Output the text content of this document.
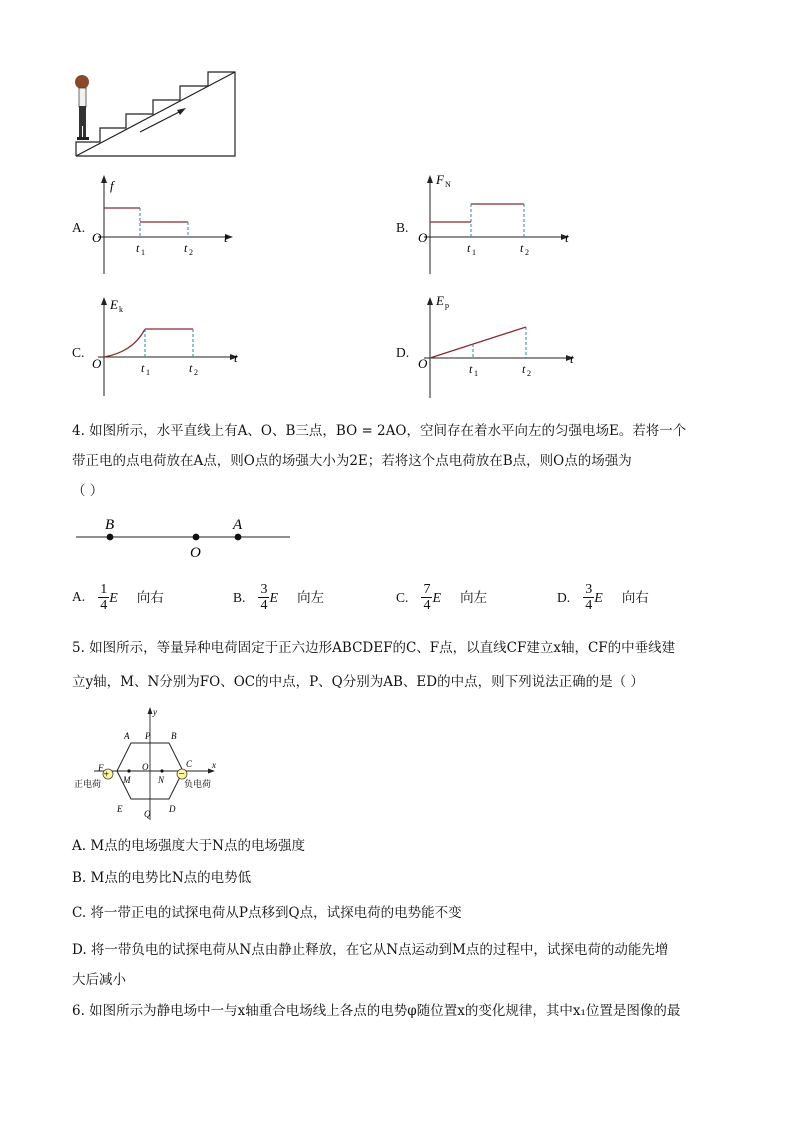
A.
f
O	t
t 1	t 2
B.
F N
O	t
t 1	t 2
C.
E k
O	t
t 1	t 2
D.
E p
O	t
t 1	t 2
4. 如图所示，水平直线上有A、O、B三点，BO = 2AO，空间存在着水平向左的匀强电场E。若将一个
带正电的点电荷放在A点，则O点的场强大小为2E；若将这个点电荷放在B点，则O点的场强为
（ ）
B
O
A
A. $\frac{1}{4}$ E 向右	B. $\frac{3}{4}$ E 向左	C. $\frac{7}{4}$ E 向左	D. $\frac{3}{4}$ E 向右
5. 如图所示，等量异种电荷固定于正六边形ABCDEF的C、F点，以直线CF建立x轴，CF的中垂线建
立y轴，M、N分别为FO、OC的中点，P、Q分别为AB、ED的中点，则下列说法正确的是（ ）
+	−
y
x
A P B
F	O	C
M	N
E Q D
正电荷	负电荷
A. M点的电场强度大于N点的电场强度
B. M点的电势比N点的电势低
C. 将一带正电的试探电荷从P点移到Q点，试探电荷的电势能不变
D. 将一带负电的试探电荷从N点由静止释放，在它从N点运动到M点的过程中，试探电荷的动能先增
大后减小
6. 如图所示为静电场中一与x轴重合电场线上各点的电势φ随位置x的变化规律，其中x₁位置是图像的最
